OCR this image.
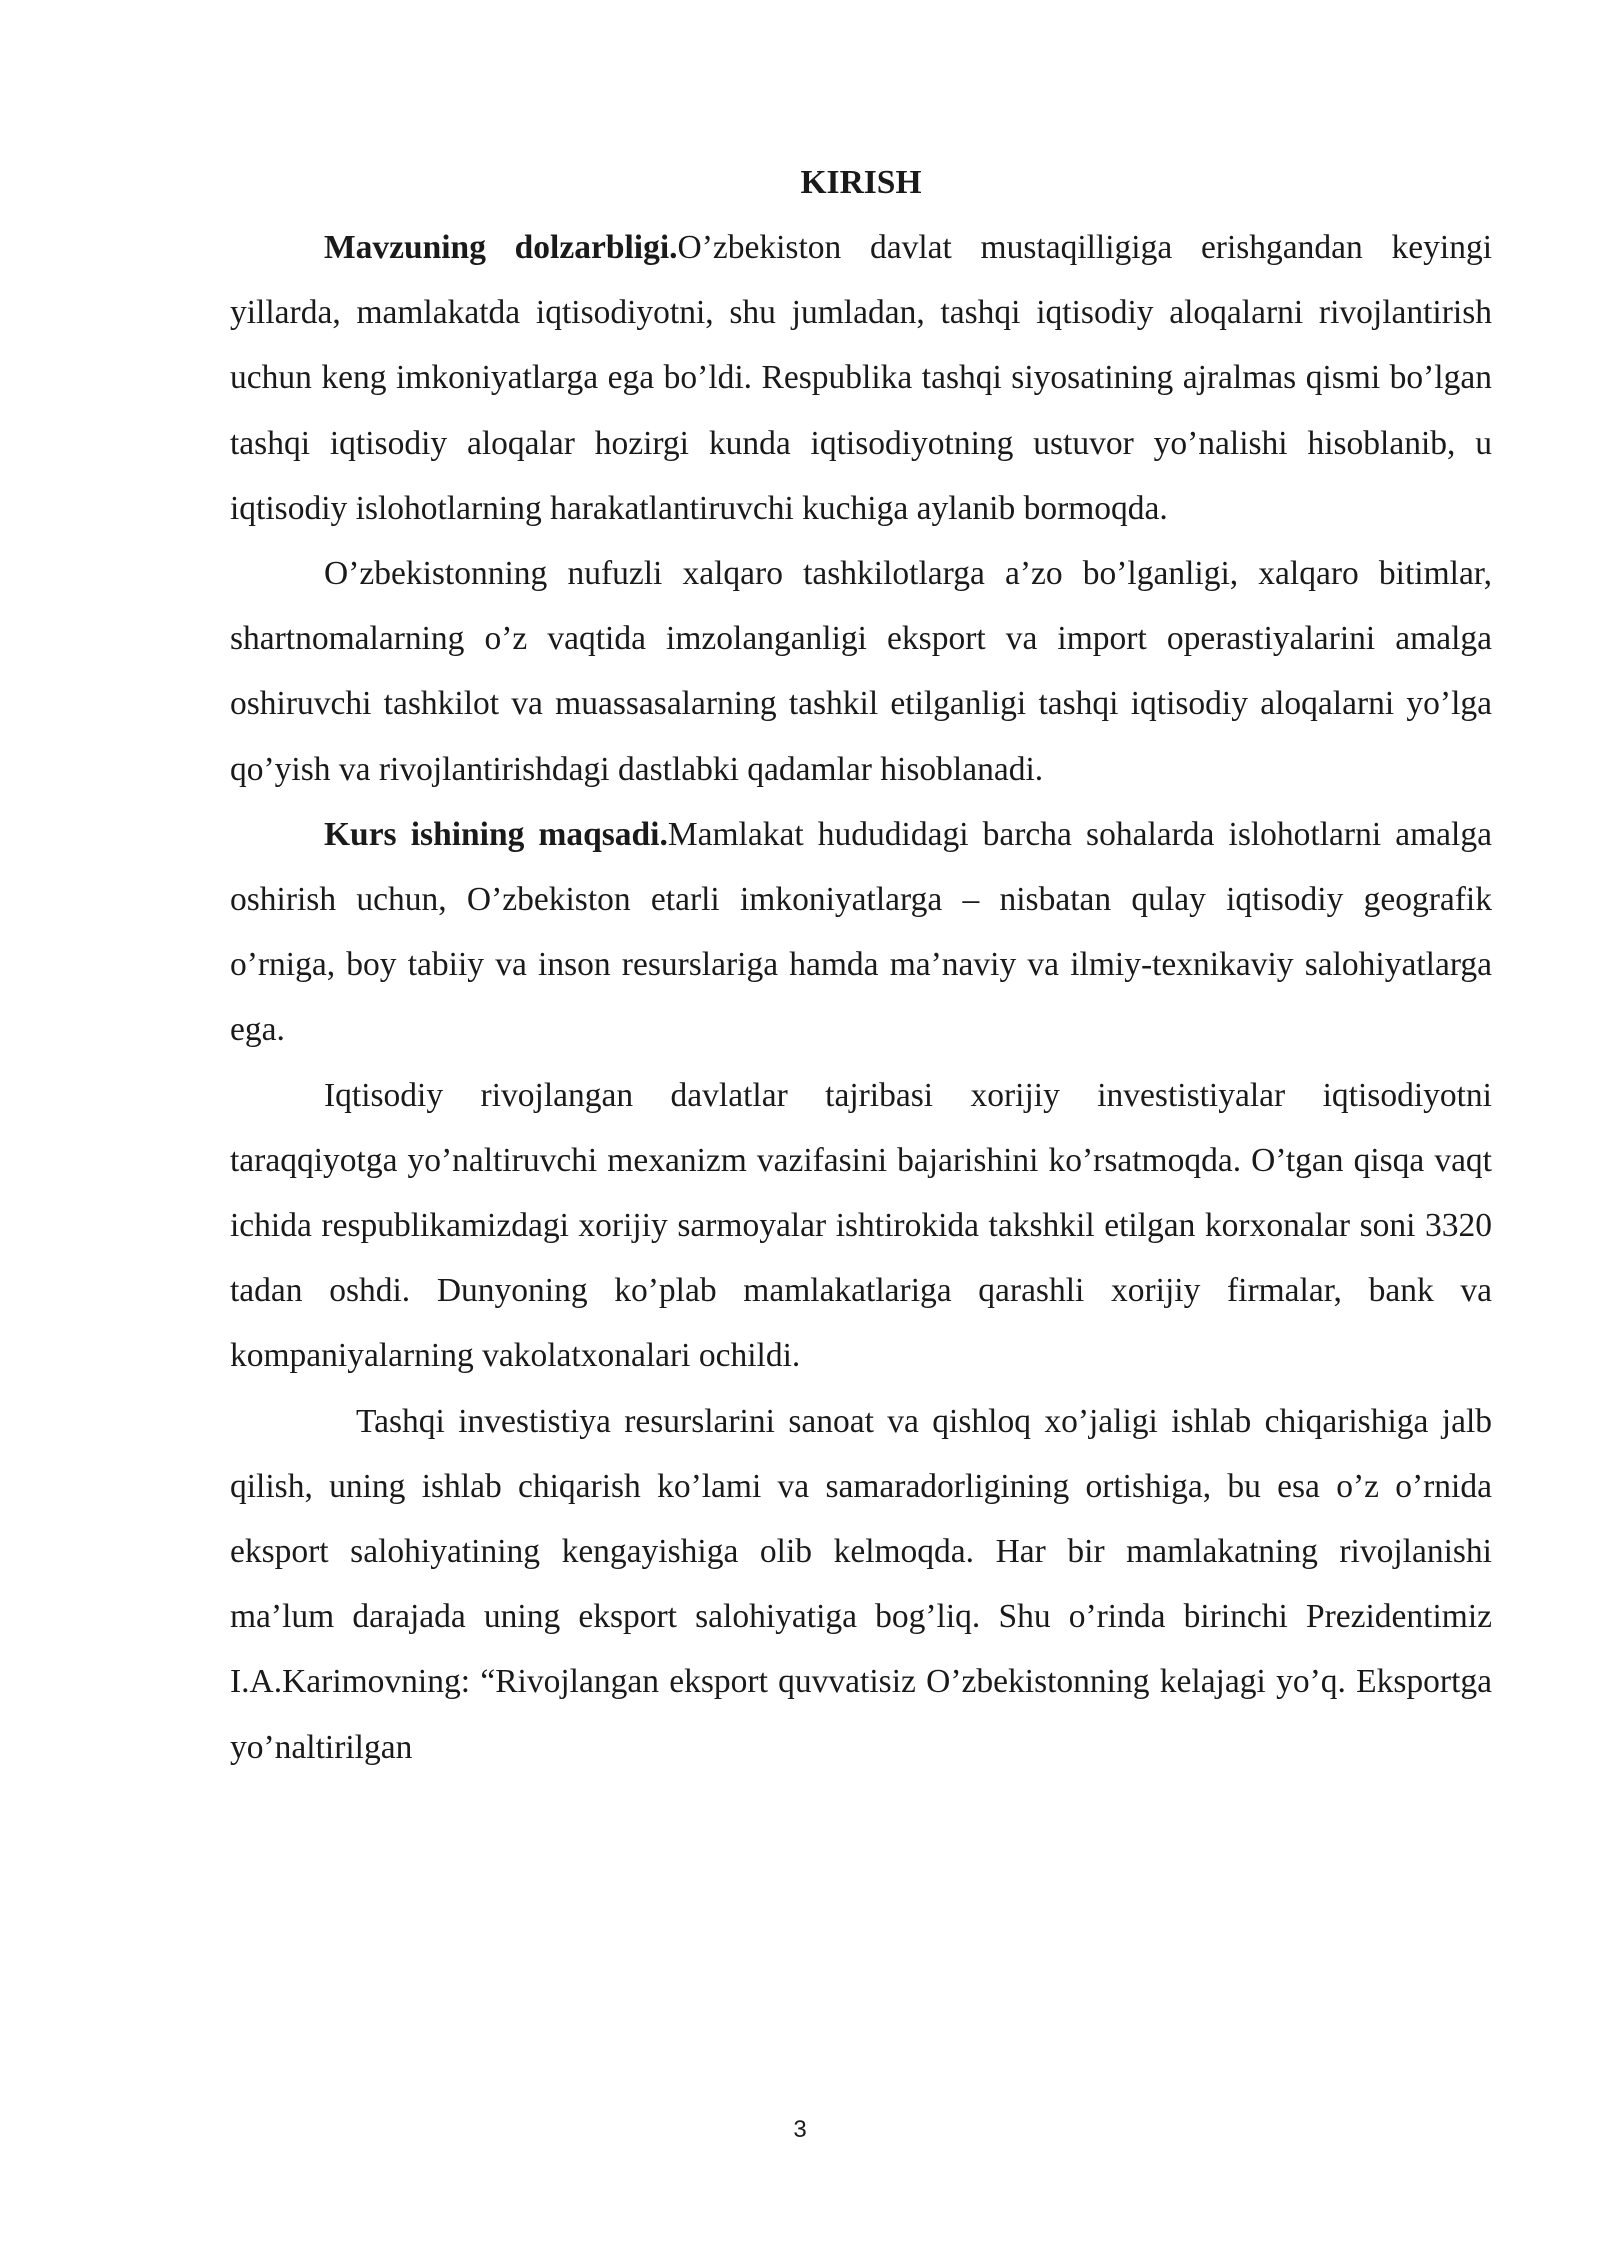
KIRISH

Mavzuning dolzarbligi.O’zbekiston davlat mustaqilligiga erishgandan keyingi yillarda, mamlakatda iqtisodiyotni, shu jumladan, tashqi iqtisodiy aloqalarni rivojlantirish uchun keng imkoniyatlarga ega bo’ldi. Respublika tashqi siyosatining ajralmas qismi bo’lgan tashqi iqtisodiy aloqalar hozirgi kunda iqtisodiyotning ustuvor yo’nalishi hisoblanib, u iqtisodiy islohotlarning harakatlantiruvchi kuchiga aylanib bormoqda.

O’zbekistonning nufuzli xalqaro tashkilotlarga a’zo bo’lganligi, xalqaro bitimlar, shartnomalarning o’z vaqtida imzolanganligi eksport va import operastiyalarini amalga oshiruvchi tashkilot va muassasalarning tashkil etilganligi tashqi iqtisodiy aloqalarni yo’lga qo’yish va rivojlantirishdagi dastlabki qadamlar hisoblanadi.

Kurs ishining maqsadi.Mamlakat hududidagi barcha sohalarda islohotlarni amalga oshirish uchun, O’zbekiston etarli imkoniyatlarga – nisbatan qulay iqtisodiy geografik o’rniga, boy tabiiy va inson resurslariga hamda ma’naviy va ilmiy-texnikaviy salohiyatlarga ega.

Iqtisodiy rivojlangan davlatlar tajribasi xorijiy investistiyalar iqtisodiyotni taraqqiyotga yo’naltiruvchi mexanizm vazifasini bajarishini ko’rsatmoqda. O’tgan qisqa vaqt ichida respublikamizdagi xorijiy sarmoyalar ishtirokida takshkil etilgan korxonalar soni 3320 tadan oshdi. Dunyoning ko’plab mamlakatlariga qarashli xorijiy firmalar, bank va kompaniyalarning vakolatxonalari ochildi.

Tashqi investistiya resurslarini sanoat va qishloq xo’jaligi ishlab chiqarishiga jalb qilish, uning ishlab chiqarish ko’lami va samaradorligining ortishiga, bu esa o’z o’rnida eksport salohiyatining kengayishiga olib kelmoqda. Har bir mamlakatning rivojlanishi ma’lum darajada uning eksport salohiyatiga bog’liq. Shu o’rinda birinchi Prezidentimiz I.A.Karimovning: “Rivojlangan eksport quvvatisiz O’zbekistonning kelajagi yo’q. Eksportga yo’naltirilgan

3
